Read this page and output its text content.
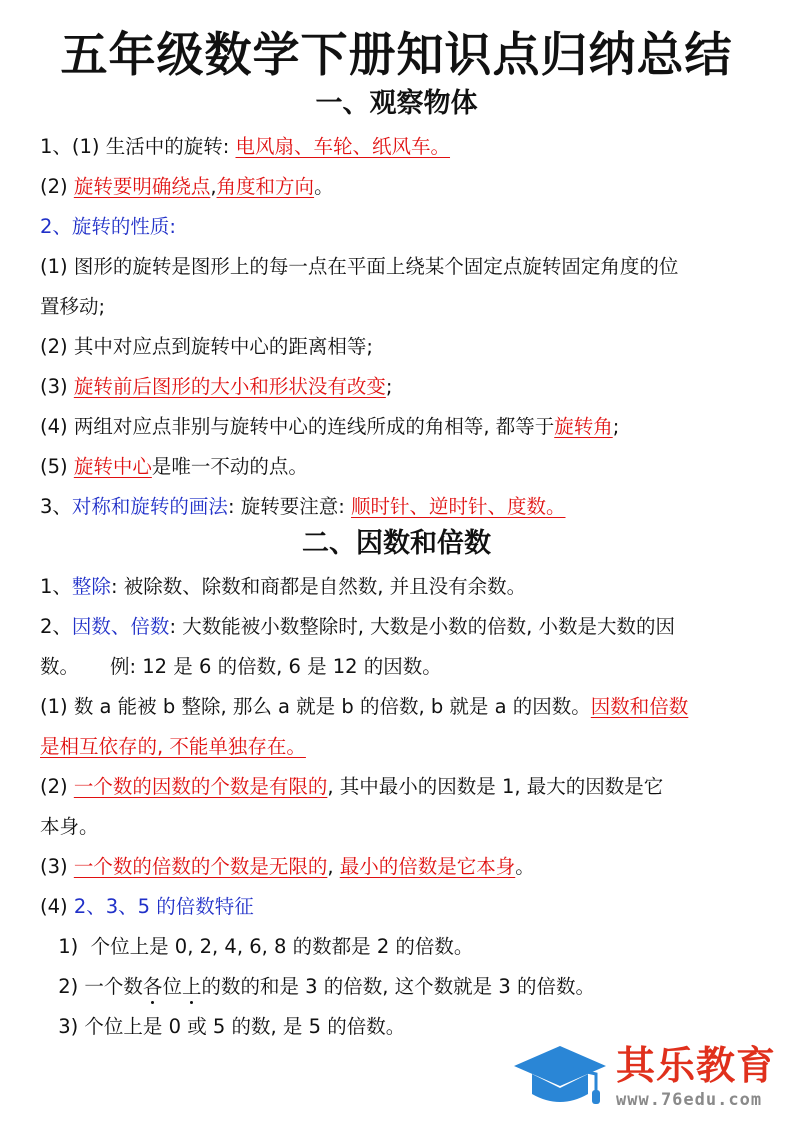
五年级数学下册知识点归纳总结
一、观察物体
1、(1) 生活中的旋转: 电风扇、车轮、纸风车。
(2) 旋转要明确绕点,角度和方向。
2、旋转的性质:
(1) 图形的旋转是图形上的每一点在平面上绕某个固定点旋转固定角度的位
置移动;
(2) 其中对应点到旋转中心的距离相等;
(3) 旋转前后图形的大小和形状没有改变;
(4) 两组对应点非别与旋转中心的连线所成的角相等, 都等于旋转角;
(5) 旋转中心是唯一不动的点。
3、对称和旋转的画法: 旋转要注意: 顺时针、逆时针、度数。
二、因数和倍数
1、整除: 被除数、除数和商都是自然数, 并且没有余数。
2、因数、倍数: 大数能被小数整除时, 大数是小数的倍数, 小数是大数的因
数。     例: 12 是 6 的倍数, 6 是 12 的因数。
(1) 数 a 能被 b 整除, 那么 a 就是 b 的倍数, b 就是 a 的因数。因数和倍数
是相互依存的, 不能单独存在。
(2) 一个数的因数的个数是有限的, 其中最小的因数是 1, 最大的因数是它
本身。
(3) 一个数的倍数的个数是无限的, 最小的倍数是它本身。
(4) 2、3、5 的倍数特征
1)  个位上是 0, 2, 4, 6, 8 的数都是 2 的倍数。
2) 一个数各位上的数的和是 3 的倍数, 这个数就是 3 的倍数。
3) 个位上是 0 或 5 的数, 是 5 的倍数。
其乐教育
www.76edu.com
